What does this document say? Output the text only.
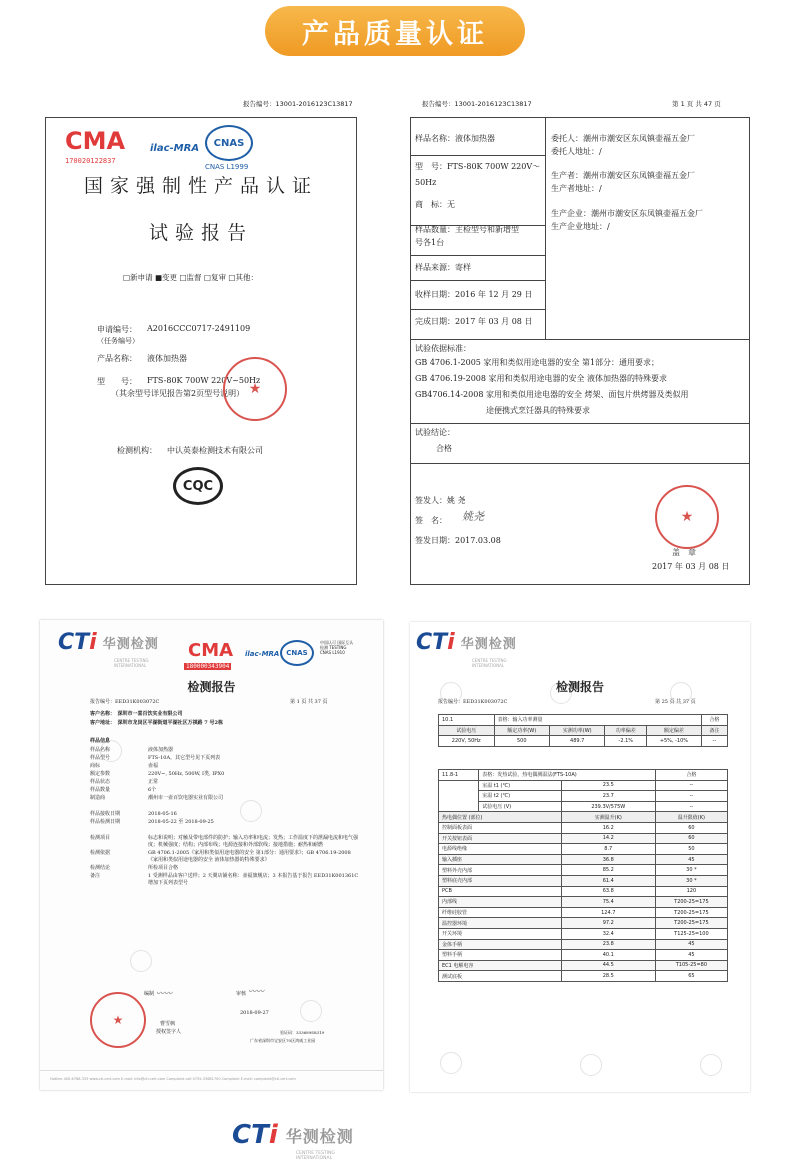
产品质量认证
报告编号：13001-2016123C13817
CMA
170020122837
ilac-MRA	CNAS
CNAS L1999
国家强制性产品认证
试验报告
□新申请 ■变更 □监督 □复审 □其他：
申请编号： A2016CCC0717-2491109
（任务编号）
产品名称： 液体加热器
型　　号： FTS-80K 700W 220V~50Hz
（其余型号详见报告第2页型号说明） ★
检测机构： 中认英泰检测技术有限公司
CQC
报告编号：13001-2016123C13817	第 1 页 共 47 页
样品名称：液体加热器
型　号：FTS-80K 700W 220V～
50Hz
商　标：无
样品数量：主检型号和新增型
号各1台
样品来源：寄样
收样日期：2016 年 12 月 29 日
完成日期：2017 年 03 月 08 日
委托人：潮州市潮安区东凤镇壶福五金厂
委托人地址：/
生产者：潮州市潮安区东凤镇壶福五金厂
生产者地址：/
生产企业：潮州市潮安区东凤镇壶福五金厂
生产企业地址：/
试验依据标准：
GB 4706.1-2005 家用和类似用途电器的安全 第1部分：通用要求；
GB 4706.19-2008 家用和类似用途电器的安全 液体加热器的特殊要求
GB4706.14-2008 家用和类似用途电器的安全 烤架、面包片烘烤器及类似用
途便携式烹饪器具的特殊要求
试验结论：
合格
签发人：姚 尧
签　名： 姚尧
签发日期：2017.03.08
★
盖　章
2017 年 03 月 08 日
CTi 华测检测
CENTRE TESTING INTERNATIONAL
CMA
180000343904
ilac-MRA CNAS
中国认可 国际互认 检测 TESTING CNAS L1910
检测报告
报告编号：EED31K003072C	第 1 页 共 37 页
客户名称：　深圳市一喜百饮实业有限公司
客户地址：　深圳市龙岗区平湖街道平湖社区万祺路 7 号2栋
样品信息
样品名称	液体加热器
样品型号	FTS-10A，其它型号见下页列表
商标	壶福
额定参数	220V~, 50Hz, 500W, Ⅰ类, IPX0
样品状态	正常
样品数量	6个
制造商	潮州市一壶百饮电器实业有限公司
样品接收日期	2018-05-16
样品检测日期	2018-05-22 至 2018-09-25
检测项目	标志和说明；对触及带电部件的防护；输入功率和电流；发热；工作温度下的泄漏电流和电气强度；机械强度；结构；内部布线；电源连接和外部软线；接地措施；耐热和耐燃
检测依据	GB 4706.1-2005《家用和类似用途电器的安全 第1部分：通用要求》；GB 4706.19-2008《家用和类似用途电器的安全 液体加热器的特殊要求》
检测结论	所检项目合格
备注	1 受测样品由客户送样；2 天翼店铺名称：壶福旗舰店；3 本报告基于报告 EED31K001361C 增加下页列表型号
编制	审核
〰〰	〰〰
★	曹雪枫
授权签字人
2018-09-27
验证码：333689S8319
广东省深圳市宝安区70区鸿威工业园
Hotline 400-6788-333 www.cti-cert.com E-mail: info@cti-cert.com Complaint call 0755-33681700 Complaint E-mail: complaint@cti-cert.com
CTi 华测检测
CENTRE TESTING INTERNATIONAL
检测报告
报告编号：EED31K003072C	第 25 页 共 37 页
10.1	表格：输入功率测量				合格
试验电压	额定功率(W)	实测功率(W)	功率偏差	额定偏差	备注
220V, 50Hz	500	489.7	-2.1%	+5%, -10%	--
11.8-1	表格：发热试验，热电偶测温法(FTS-10A)		合格
	室温 t1 (℃)	23.5	--
	室温 t2 (℃)	23.7	--
	试验电压 (V)	239.3V/575W	--
热电偶位置 (部位)		实测温升(K)	温升限值(K)
控制面板表面		16.2	60
开关按钮表面		14.2	60
电源线绝缘		8.7	50
输入插座		36.8	45
塑料外壳内部		85.2	30 *
塑料底壳内部		61.4	30 *
PCB		63.8	120
内部线		75.4	T200-25=175
纤维硅胶管		124.7	T200-25=175
温控器环境		97.2	T200-25=175
开关环境		32.4	T125-25=100
金体手柄		23.8	45
塑料手柄		40.1	45
EC1 电解电容		44.5	T105-25=80
测试底板		28.5	65
CTi 华测检测
CENTRE TESTING INTERNATIONAL
